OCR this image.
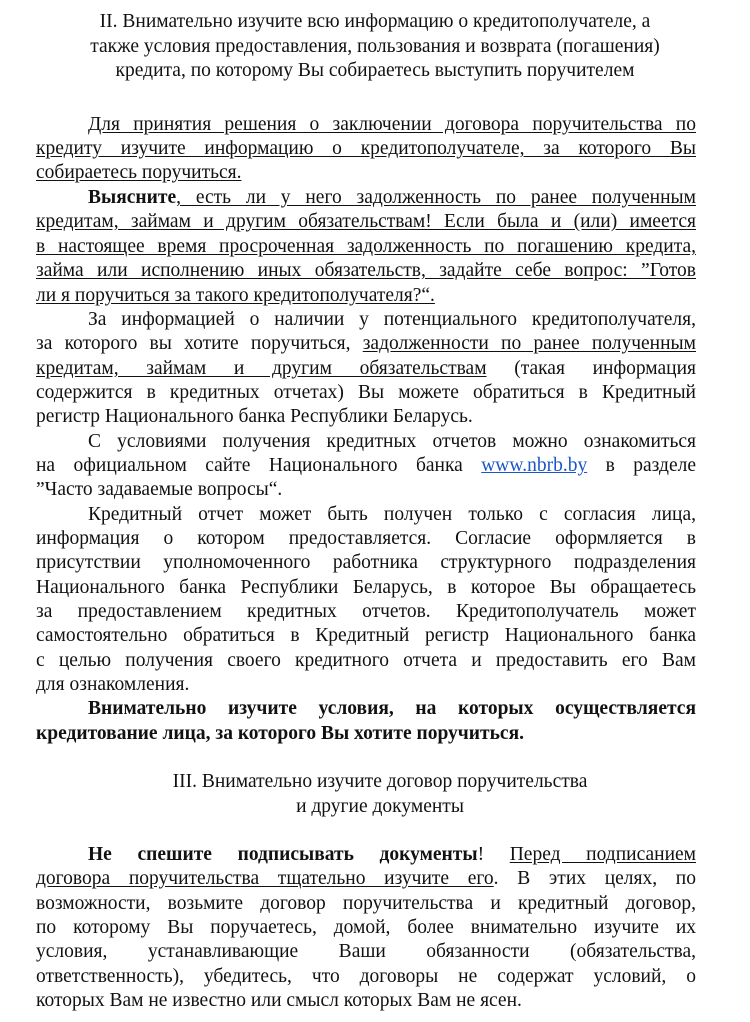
II. Внимательно изучите всю информацию о кредитополучателе, а
также условия предоставления, пользования и возврата (погашения)
кредита, по которому Вы собираетесь выступить поручителем
Для принятия решения о заключении договора поручительства по
кредиту изучите информацию о кредитополучателе, за которого Вы
собираетесь поручиться.
Выясните, есть ли у него задолженность по ранее полученным
кредитам, займам и другим обязательствам! Если была и (или) имеется
в настоящее время просроченная задолженность по погашению кредита,
займа или исполнению иных обязательств, задайте себе вопрос: ”Готов
ли я поручиться за такого кредитополучателя?“.
За информацией о наличии у потенциального кредитополучателя,
за которого вы хотите поручиться, задолженности по ранее полученным
кредитам, займам и другим обязательствам (такая информация
содержится в кредитных отчетах) Вы можете обратиться в Кредитный
регистр Национального банка Республики Беларусь.
С условиями получения кредитных отчетов можно ознакомиться
на официальном сайте Национального банка www.nbrb.by в разделе
”Часто задаваемые вопросы“.
Кредитный отчет может быть получен только с согласия лица,
информация о котором предоставляется. Согласие оформляется в
присутствии уполномоченного работника структурного подразделения
Национального банка Республики Беларусь, в которое Вы обращаетесь
за предоставлением кредитных отчетов. Кредитополучатель может
самостоятельно обратиться в Кредитный регистр Национального банка
с целью получения своего кредитного отчета и предоставить его Вам
для ознакомления.
Внимательно изучите условия, на которых осуществляется
кредитование лица, за которого Вы хотите поручиться.
III. Внимательно изучите договор поручительства
и другие документы
Не спешите подписывать документы! Перед подписанием
договора поручительства тщательно изучите его. В этих целях, по
возможности, возьмите договор поручительства и кредитный договор,
по которому Вы поручаетесь, домой, более внимательно изучите их
условия, устанавливающие Ваши обязанности (обязательства,
ответственность), убедитесь, что договоры не содержат условий, о
которых Вам не известно или смысл которых Вам не ясен.
